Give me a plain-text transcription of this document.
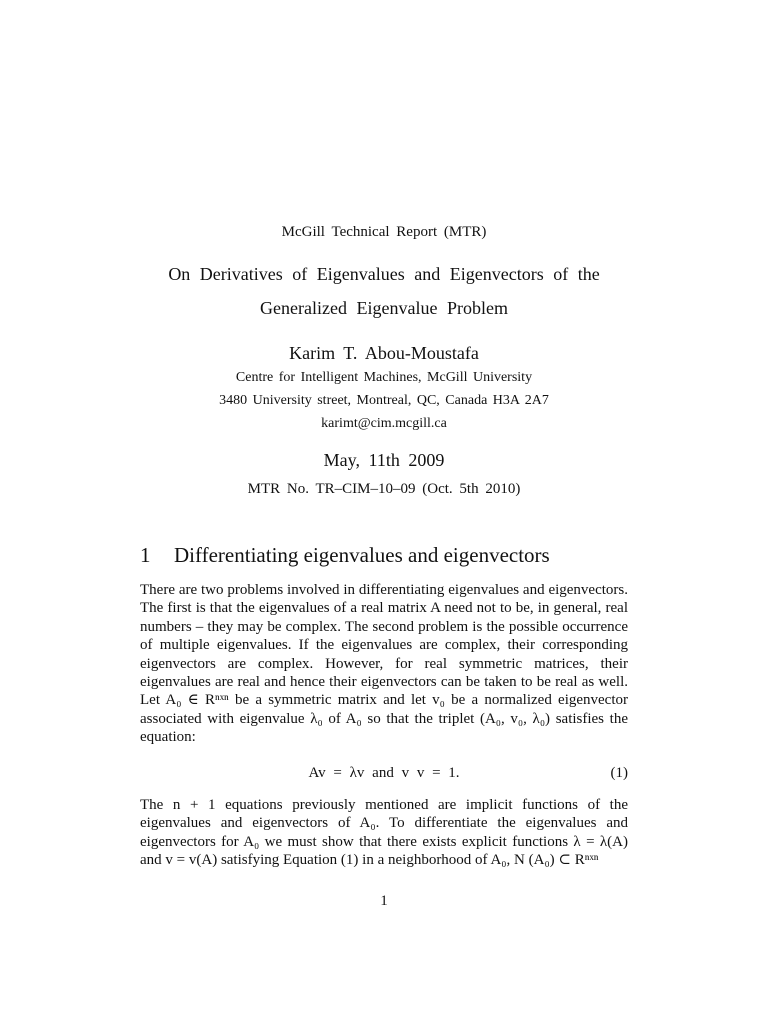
McGill Technical Report (MTR)
On Derivatives of Eigenvalues and Eigenvectors of the
Generalized Eigenvalue Problem
Karim T. Abou-Moustafa
Centre for Intelligent Machines, McGill University
3480 University street, Montreal, QC, Canada H3A 2A7
karimt@cim.mcgill.ca
May, 11th 2009
MTR No. TR–CIM–10–09 (Oct. 5th 2010)
1 Differentiating eigenvalues and eigenvectors
There are two problems involved in differentiating eigenvalues and eigenvectors. The first is that the eigenvalues of a real matrix A need not to be, in general, real numbers – they may be complex. The second problem is the possible occurrence of multiple eigenvalues. If the eigenvalues are complex, their corresponding eigenvectors are complex. However, for real symmetric matrices, their eigenvalues are real and hence their eigenvectors can be taken to be real as well. Let A₀ ∈ Rⁿˣⁿ be a symmetric matrix and let v₀ be a normalized eigenvector associated with eigenvalue λ₀ of A₀ so that the triplet (A₀, v₀, λ₀) satisfies the equation:
Av = λv and v v = 1.	(1)
The n + 1 equations previously mentioned are implicit functions of the eigenvalues and eigenvectors of A₀. To differentiate the eigenvalues and eigenvectors for A₀ we must show that there exists explicit functions λ = λ(A) and v = v(A) satisfying Equation (1) in a neighborhood of A₀, N (A₀) ⊂ Rⁿˣⁿ
1
